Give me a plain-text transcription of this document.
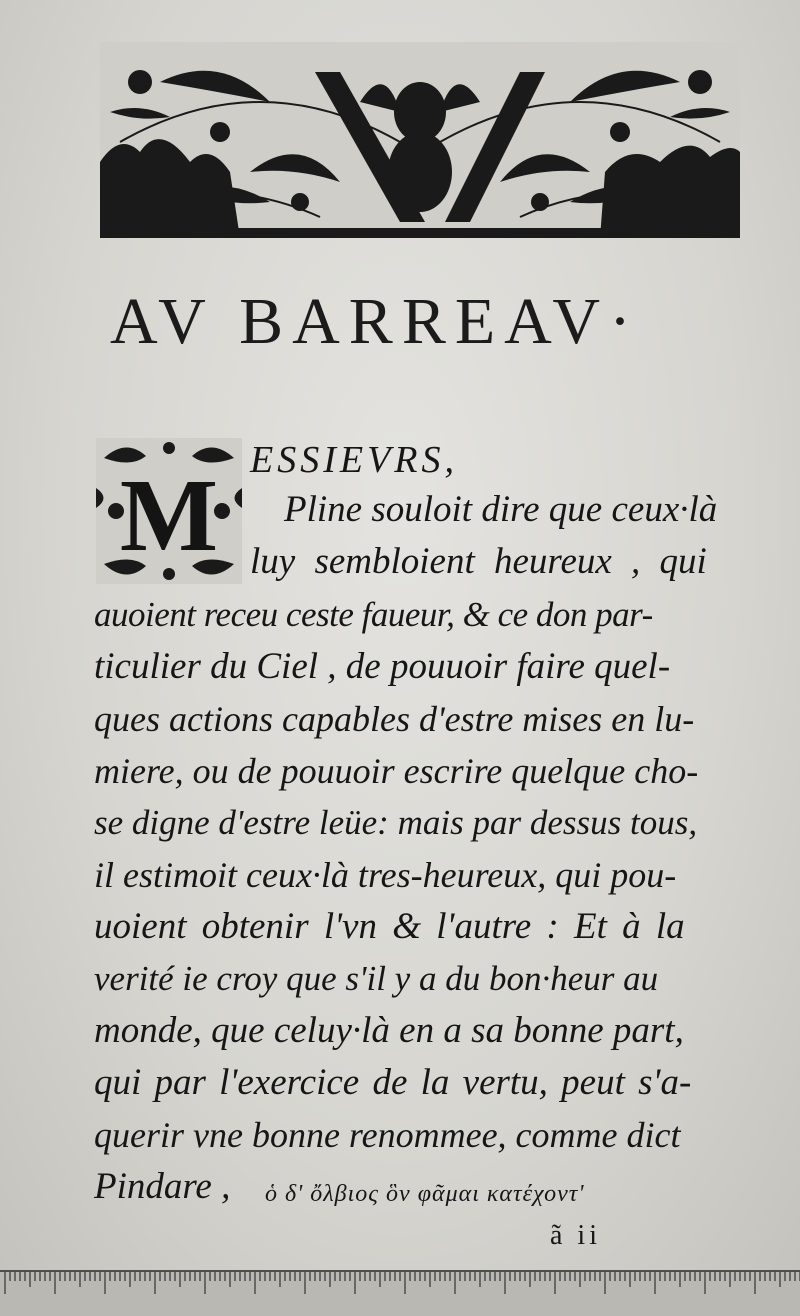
AV BARREAV·
M ESSIEVRS,
Pline souloit dire que ceux·là
luy sembloient heureux , qui
auoient receu ceste faueur, & ce don par-
ticulier du Ciel , de pouuoir faire quel-
ques actions capables d'estre mises en lu-
miere, ou de pouuoir escrire quelque cho-
se digne d'estre leüe: mais par dessus tous,
il estimoit ceux·là tres-heureux, qui pou-
uoient obtenir l'vn & l'autre : Et à la
verité ie croy que s'il y a du bon·heur au
monde, que celuy·là en a sa bonne part,
qui par l'exercice de la vertu, peut s'a-
querir vne bonne renommee, comme dict
Pindare , ὁ δ' ὄλβιος ὃν φᾶμαι κατέχοντ'
ã ii
